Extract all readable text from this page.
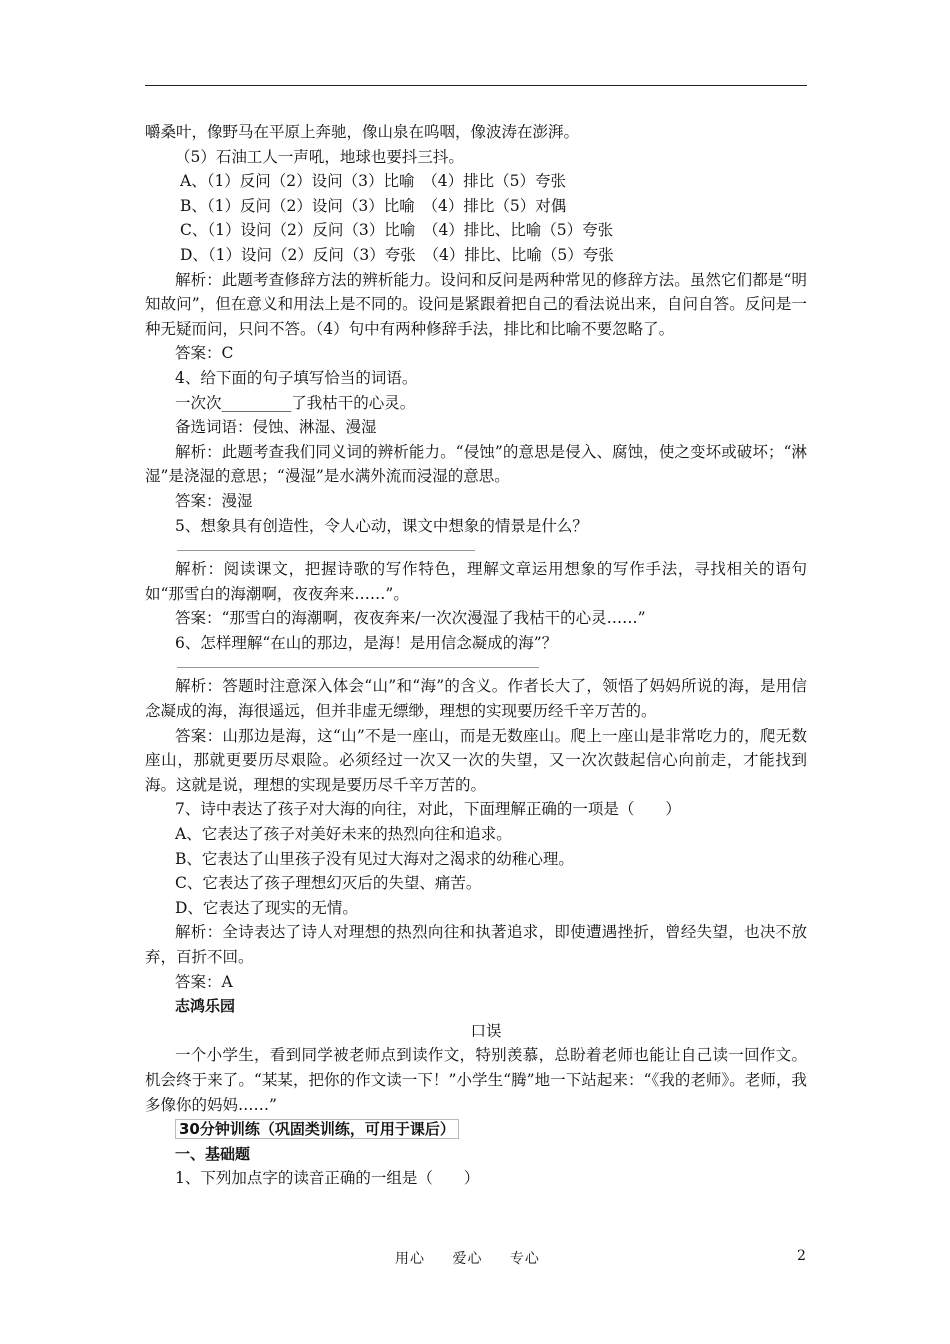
嚼桑叶，像野马在平原上奔驰，像山泉在呜咽，像波涛在澎湃。
（5）石油工人一声吼，地球也要抖三抖。
A、（1）反问（2）设问（3）比喻　（4）排比（5）夸张
B、（1）反问（2）设问（3）比喻　（4）排比（5）对偶
C、（1）设问（2）反问（3）比喻　（4）排比、比喻（5）夸张
D、（1）设问（2）反问（3）夸张　（4）排比、比喻（5）夸张
解析：此题考查修辞方法的辨析能力。设问和反问是两种常见的修辞方法。虽然它们都是“明知故问”，但在意义和用法上是不同的。设问是紧跟着把自己的看法说出来，自问自答。反问是一种无疑而问，只问不答。（4）句中有两种修辞手法，排比和比喻不要忽略了。
答案：C
4、给下面的句子填写恰当的词语。
一次次_________了我枯干的心灵。
备选词语：侵蚀、淋湿、漫湿
解析：此题考查我们同义词的辨析能力。“侵蚀”的意思是侵入、腐蚀，使之变坏或破坏；“淋湿”是浇湿的意思；“漫湿”是水满外流而浸湿的意思。
答案：漫湿
5、想象具有创造性，令人心动，课文中想象的情景是什么？
解析：阅读课文，把握诗歌的写作特色，理解文章运用想象的写作手法，寻找相关的语句如“那雪白的海潮啊，夜夜奔来……”。
答案：“那雪白的海潮啊，夜夜奔来/一次次漫湿了我枯干的心灵……”
6、怎样理解“在山的那边，是海！是用信念凝成的海”？
解析：答题时注意深入体会“山”和“海”的含义。作者长大了，领悟了妈妈所说的海，是用信念凝成的海，海很遥远，但并非虚无缥缈，理想的实现要历经千辛万苦的。
答案：山那边是海，这“山”不是一座山，而是无数座山。爬上一座山是非常吃力的，爬无数座山，那就更要历尽艰险。必须经过一次又一次的失望，又一次次鼓起信心向前走，才能找到海。这就是说，理想的实现是要历尽千辛万苦的。
7、诗中表达了孩子对大海的向往，对此，下面理解正确的一项是（　　）
A、它表达了孩子对美好未来的热烈向往和追求。
B、它表达了山里孩子没有见过大海对之渴求的幼稚心理。
C、它表达了孩子理想幻灭后的失望、痛苦。
D、它表达了现实的无情。
解析：全诗表达了诗人对理想的热烈向往和执著追求，即使遭遇挫折，曾经失望，也决不放弃，百折不回。
答案：A
志鸿乐园
口误
一个小学生，看到同学被老师点到读作文，特别羡慕，总盼着老师也能让自己读一回作文。机会终于来了。“某某，把你的作文读一下！”小学生“腾”地一下站起来：“《我的老师》。老师，我多像你的妈妈……”
30分钟训练（巩固类训练，可用于课后）
一、基础题
1、下列加点字的读音正确的一组是（　　）
用心 爱心 专心	2
